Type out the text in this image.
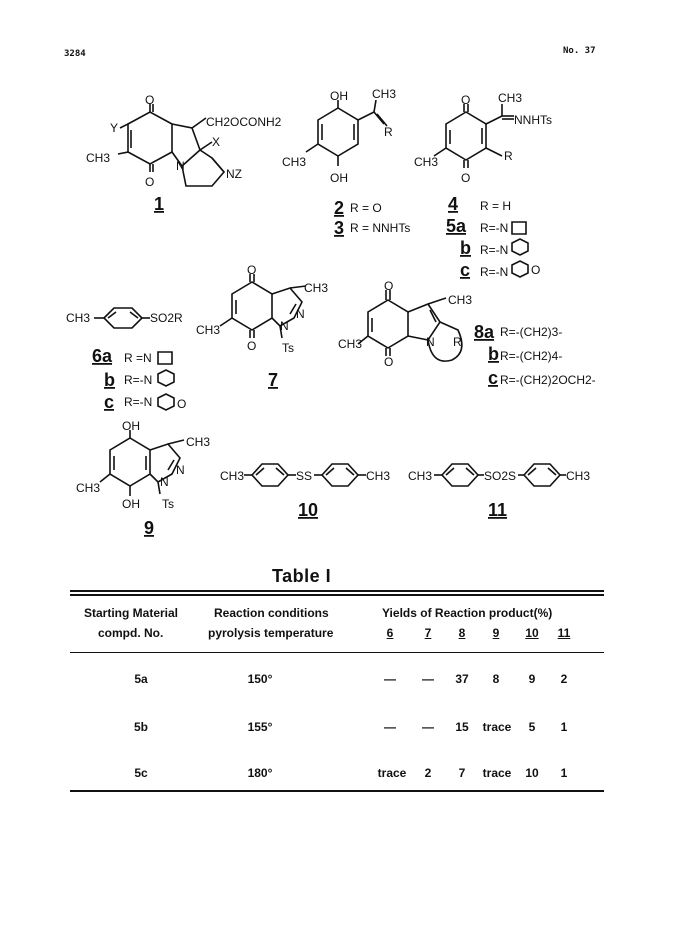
3284	No. 37
O
Y	CH2OCONH2
X
CH3
N
NZ
O
1
OH CH3
R
CH3
OH
2 R = O
3 R = NNHTs
O CH3
NNHTs
R
CH3
O
4 R = H
5a R=-N
b R=-N
c R=-N O
CH3	SO2R
6a R =N
b R=-N
c R=-N O
O
CH3
N
N
CH3
O Ts
7
O
CH3
CH3	N R
O
8a R=-(CH2)3-
b R=-(CH2)4-
c R=-(CH2)2OCH2-
OH
CH3
N
N
CH3
OH Ts
9
CH3	SS	CH3
10
CH3	SO2S	CH3
11
Table I
Starting Material
compd. No.
Reaction conditions
pyrolysis temperature
Yields of Reaction product(%)
6	7 8 9 10 11
5a	150°	—	—	37	8	9	2
5b	155°	—	—	15	trace	5	1
5c	180°	trace	2	7	trace	10	1
